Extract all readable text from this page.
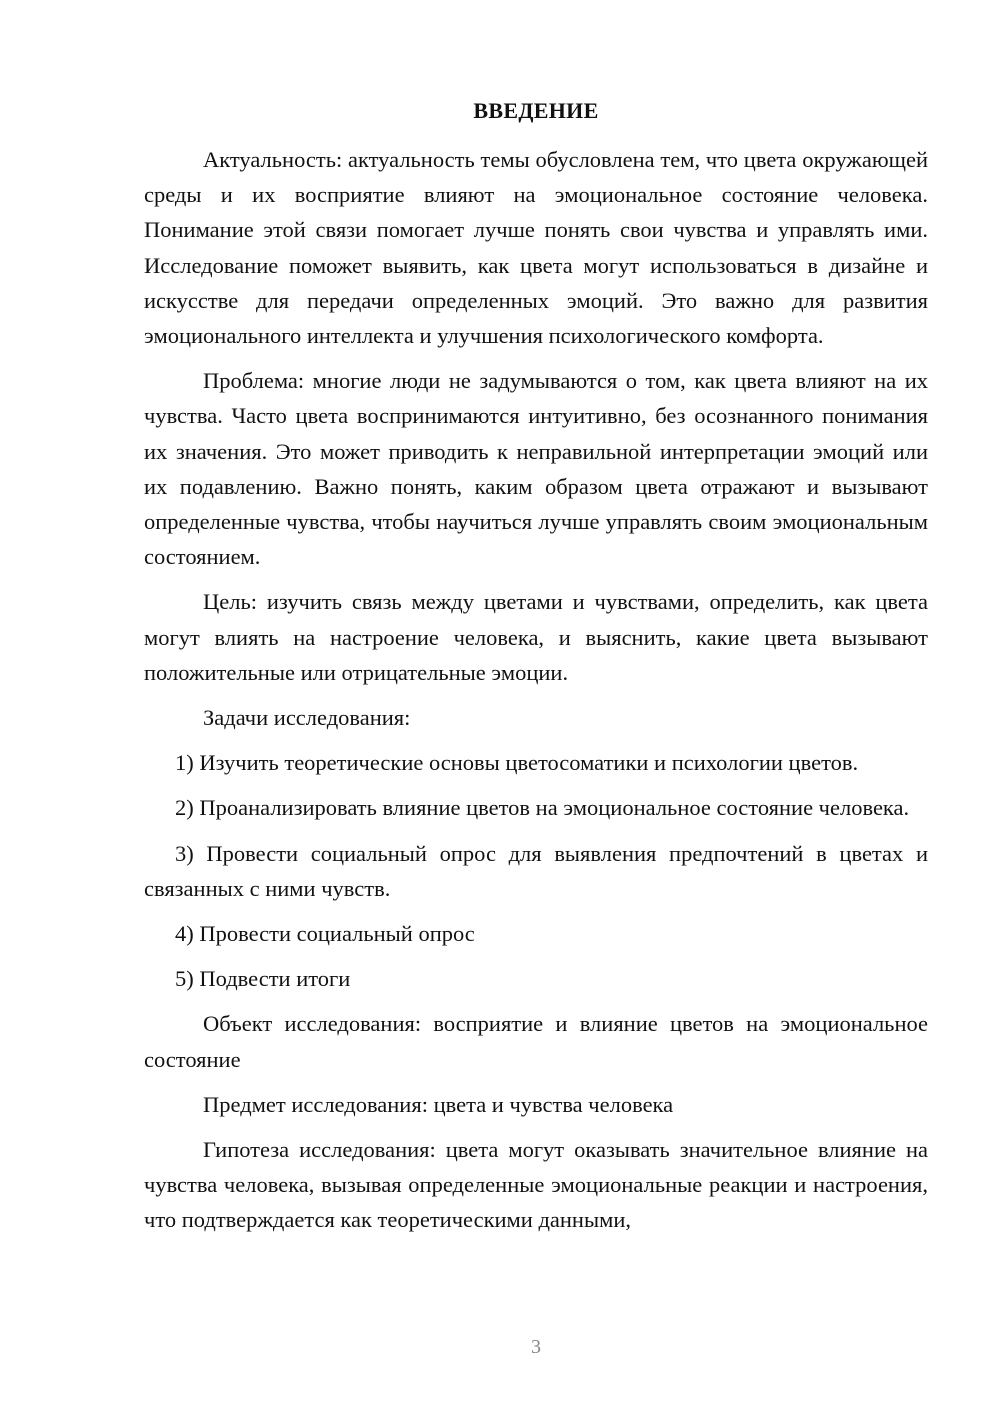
ВВЕДЕНИЕ

Актуальность: актуальность темы обусловлена тем, что цвета окружающей среды и их восприятие влияют на эмоциональное состояние человека. Понимание этой связи помогает лучше понять свои чувства и управлять ими. Исследование поможет выявить, как цвета могут использоваться в дизайне и искусстве для передачи определенных эмоций. Это важно для развития эмоционального интеллекта и улучшения психологического комфорта.

Проблема: многие люди не задумываются о том, как цвета влияют на их чувства. Часто цвета воспринимаются интуитивно, без осознанного понимания их значения. Это может приводить к неправильной интерпретации эмоций или их подавлению. Важно понять, каким образом цвета отражают и вызывают определенные чувства, чтобы научиться лучше управлять своим эмоциональным состоянием.

Цель: изучить связь между цветами и чувствами, определить, как цвета могут влиять на настроение человека, и выяснить, какие цвета вызывают положительные или отрицательные эмоции.

Задачи исследования:

1) Изучить теоретические основы цветосоматики и психологии цветов.

2) Проанализировать влияние цветов на эмоциональное состояние человека.

3) Провести социальный опрос для выявления предпочтений в цветах и связанных с ними чувств.

4) Провести социальный опрос

5) Подвести итоги

Объект исследования: восприятие и влияние цветов на эмоциональное состояние

Предмет исследования: цвета и чувства человека

Гипотеза исследования: цвета могут оказывать значительное влияние на чувства человека, вызывая определенные эмоциональные реакции и настроения, что подтверждается как теоретическими данными,

3
